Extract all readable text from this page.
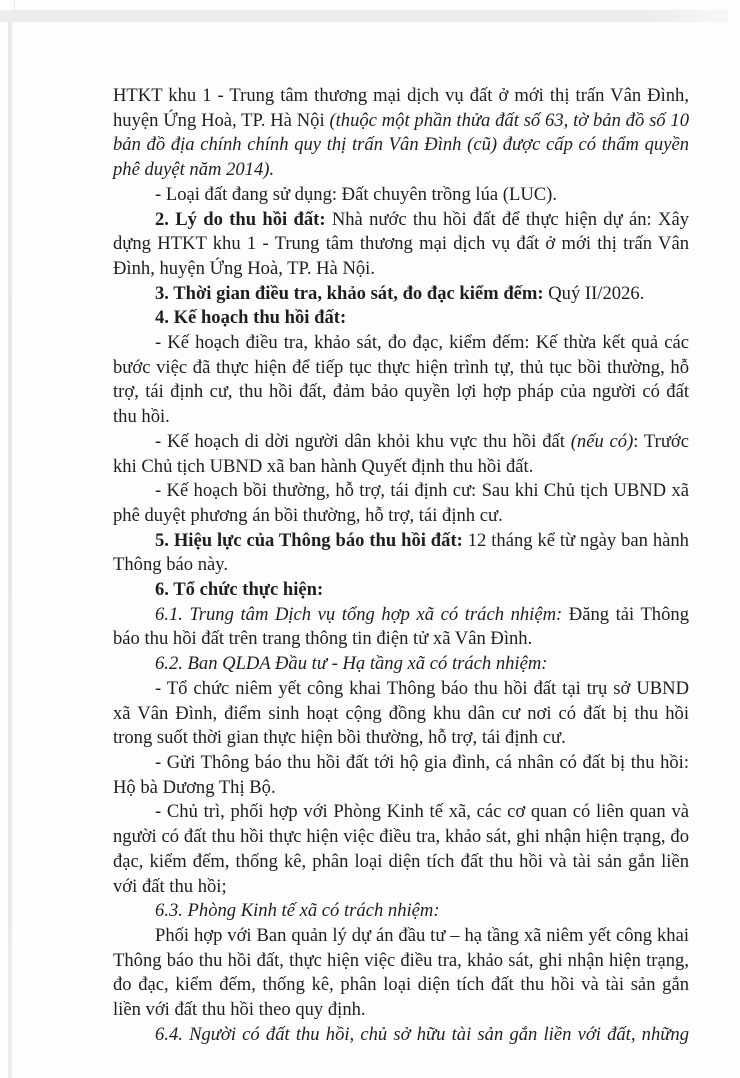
HTKT khu 1 - Trung tâm thương mại dịch vụ đất ở mới thị trấn Vân Đình, huyện Ứng Hoà, TP. Hà Nội (thuộc một phần thửa đất số 63, tờ bản đồ số 10 bản đồ địa chính chính quy thị trấn Vân Đình (cũ) được cấp có thẩm quyền phê duyệt năm 2014).

- Loại đất đang sử dụng: Đất chuyên trồng lúa (LUC).

2. Lý do thu hồi đất: Nhà nước thu hồi đất để thực hiện dự án: Xây dựng HTKT khu 1 - Trung tâm thương mại dịch vụ đất ở mới thị trấn Vân Đình, huyện Ứng Hoà, TP. Hà Nội.

3. Thời gian điều tra, khảo sát, đo đạc kiểm đếm: Quý II/2026.

4. Kế hoạch thu hồi đất:

- Kế hoạch điều tra, khảo sát, đo đạc, kiểm đếm: Kế thừa kết quả các bước việc đã thực hiện để tiếp tục thực hiện trình tự, thủ tục bồi thường, hỗ trợ, tái định cư, thu hồi đất, đảm bảo quyền lợi hợp pháp của người có đất thu hồi.

- Kế hoạch di dời người dân khỏi khu vực thu hồi đất (nếu có): Trước khi Chủ tịch UBND xã ban hành Quyết định thu hồi đất.

- Kế hoạch bồi thường, hỗ trợ, tái định cư: Sau khi Chủ tịch UBND xã phê duyệt phương án bồi thường, hỗ trợ, tái định cư.

5. Hiệu lực của Thông báo thu hồi đất: 12 tháng kể từ ngày ban hành Thông báo này.

6. Tổ chức thực hiện:

6.1. Trung tâm Dịch vụ tổng hợp xã có trách nhiệm: Đăng tải Thông báo thu hồi đất trên trang thông tin điện tử xã Vân Đình.

6.2. Ban QLDA Đầu tư - Hạ tầng xã có trách nhiệm:

- Tổ chức niêm yết công khai Thông báo thu hồi đất tại trụ sở UBND xã Vân Đình, điểm sinh hoạt cộng đồng khu dân cư nơi có đất bị thu hồi trong suốt thời gian thực hiện bồi thường, hỗ trợ, tái định cư.

- Gửi Thông báo thu hồi đất tới hộ gia đình, cá nhân có đất bị thu hồi: Hộ bà Dương Thị Bộ.

- Chủ trì, phối hợp với Phòng Kinh tế xã, các cơ quan có liên quan và người có đất thu hồi thực hiện việc điều tra, khảo sát, ghi nhận hiện trạng, đo đạc, kiểm đếm, thống kê, phân loại diện tích đất thu hồi và tài sản gắn liền với đất thu hồi;

6.3. Phòng Kinh tế xã có trách nhiệm:

Phối hợp với Ban quản lý dự án đầu tư – hạ tầng xã niêm yết công khai Thông báo thu hồi đất, thực hiện việc điều tra, khảo sát, ghi nhận hiện trạng, đo đạc, kiểm đếm, thống kê, phân loại diện tích đất thu hồi và tài sản gắn liền với đất thu hồi theo quy định.

6.4. Người có đất thu hồi, chủ sở hữu tài sản gắn liền với đất, những
